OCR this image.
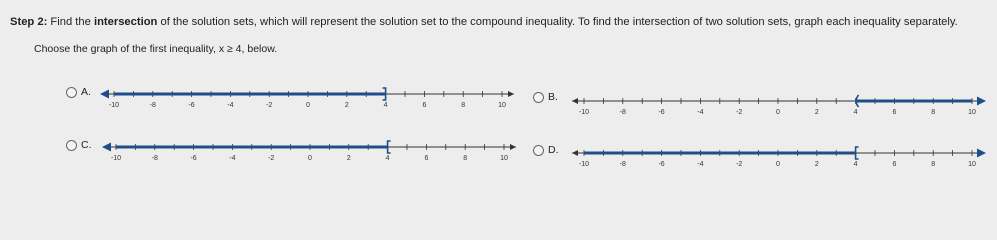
Step 2: Find the intersection of the solution sets, which will represent the solution set to the compound inequality. To find the intersection of two solution sets, graph each inequality separately.
Choose the graph of the first inequality, x ≥ 4, below.
A.
-10	-8	-6	-4	-2	0	2	4	6	8	10
B.
-10	-8	-6	-4	-2	0	2	4	6	8	10
C.
-10	-8	-6	-4	-2	0	2	4	6	8	10
D.
-10	-8	-6	-4	-2	0	2	4	6	8	10
